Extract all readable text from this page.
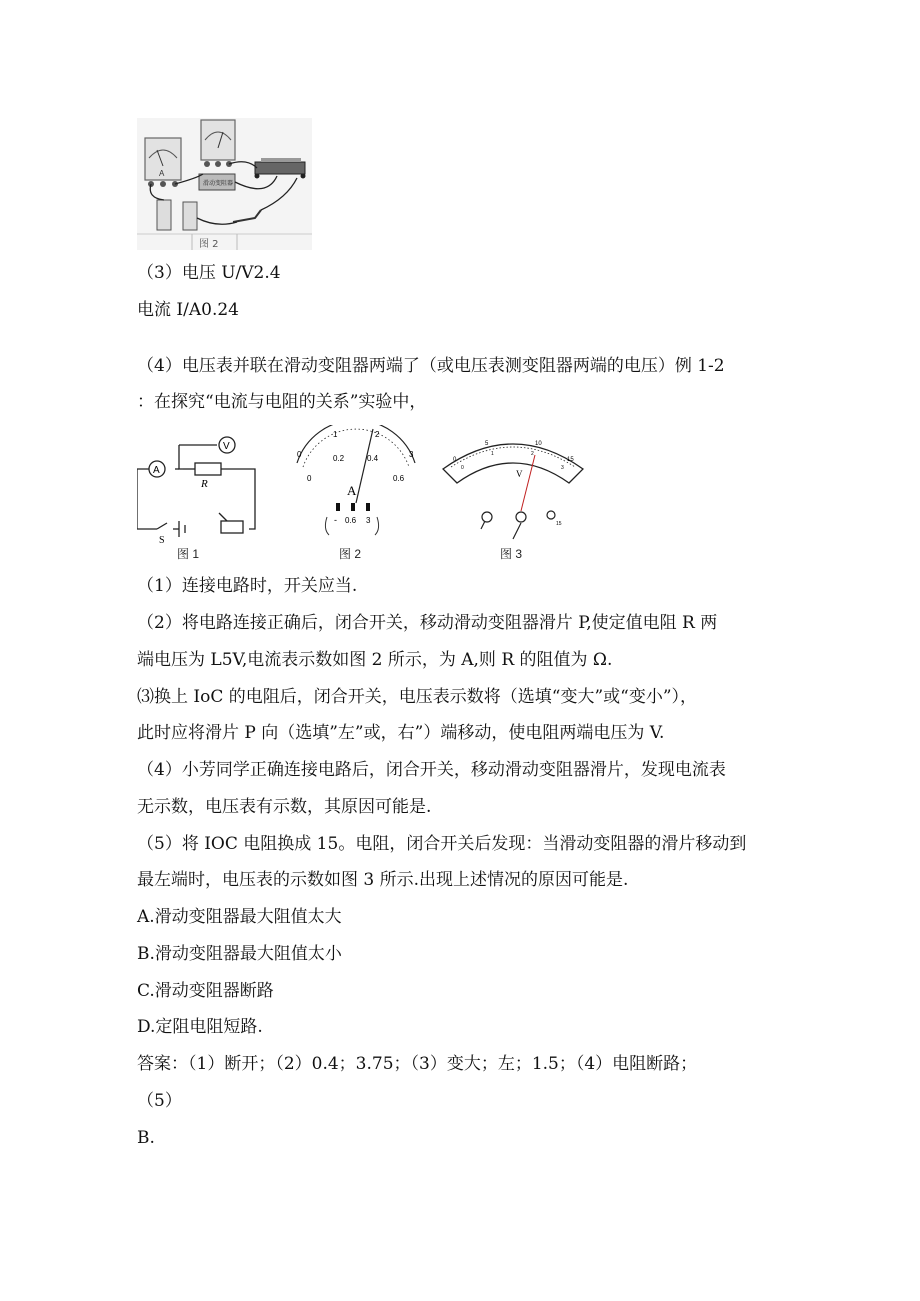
A
滑动变阻器
图 2
（3）电压 U/V2.4
电流 I/A0.24
（4）电压表并联在滑动变阻器两端了（或电压表测变阻器两端的电压）例 1-2
：在探究“电流与电阻的关系”实验中，
A
V
R
S
0
1	2
3
0
0.2	0.4
0.6
A
- 0.6 3
0
5	10
15
0
1	2
3
V
15
图 1	图 2	图 3
（1）连接电路时，开关应当.
（2）将电路连接正确后，闭合开关，移动滑动变阻器滑片 P,使定值电阻 R 两
端电压为 L5V,电流表示数如图 2 所示，为 A,则 R 的阻值为 Ω.
⑶换上 IoC 的电阻后，闭合开关，电压表示数将（选填“变大”或“变小”），
此时应将滑片 P 向（选填”左”或，右”）端移动，使电阻两端电压为 V.
（4）小芳同学正确连接电路后，闭合开关，移动滑动变阻器滑片，发现电流表
无示数，电压表有示数，其原因可能是.
（5）将 IOC 电阻换成 15。电阻，闭合开关后发现：当滑动变阻器的滑片移动到
最左端时，电压表的示数如图 3 所示.出现上述情况的原因可能是.
A.滑动变阻器最大阻值太大
B.滑动变阻器最大阻值太小
C.滑动变阻器断路
D.定阻电阻短路.
答案：（1）断开；（2）0.4；3.75；（3）变大；左；1.5；（4）电阻断路；
（5）
B.
